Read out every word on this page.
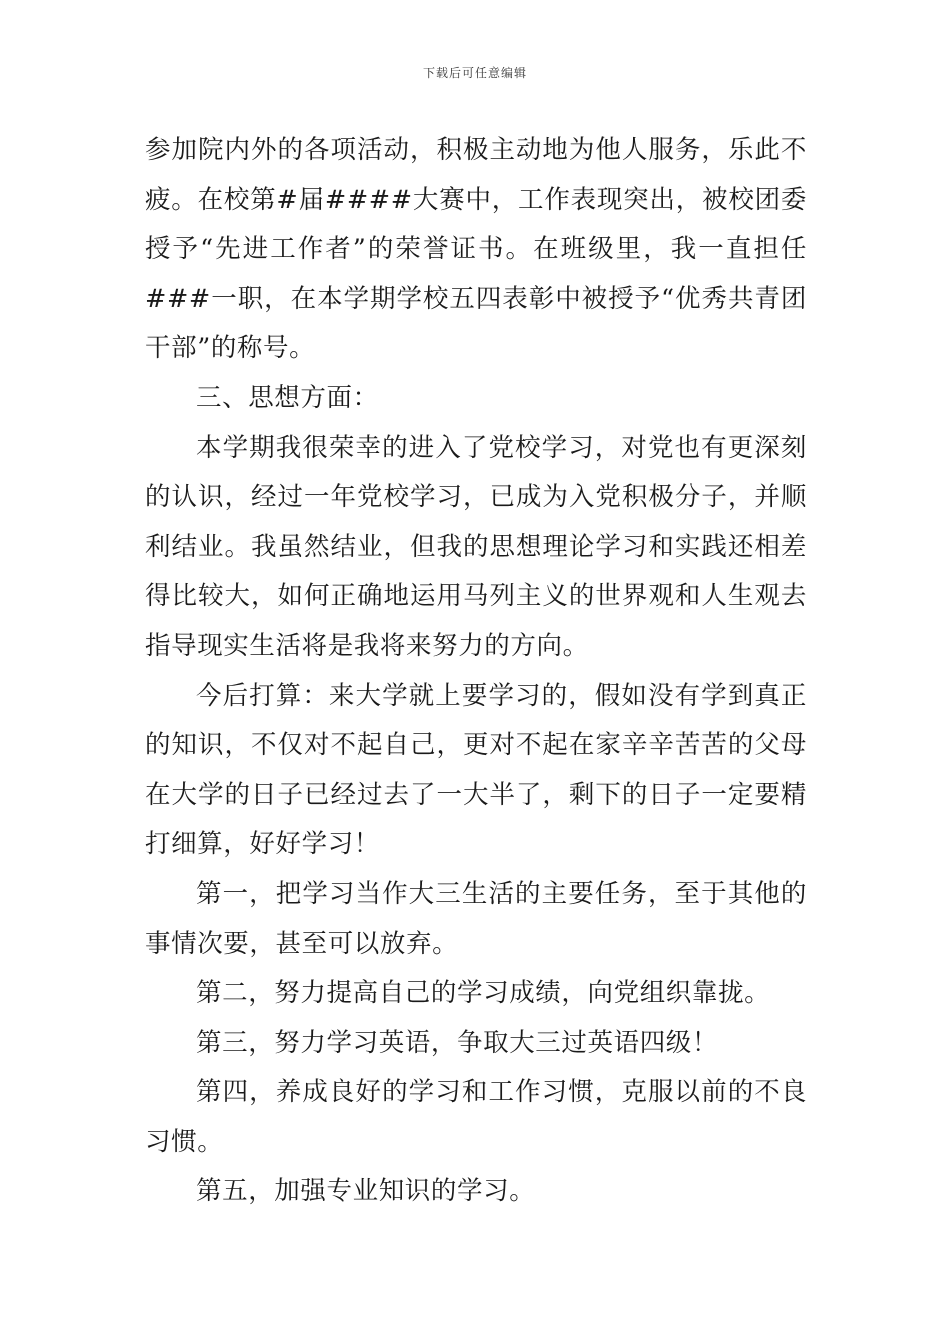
下载后可任意编辑

参加院内外的各项活动，积极主动地为他人服务，乐此不疲。在校第#届####大赛中，工作表现突出，被校团委授予“先进工作者”的荣誉证书。在班级里，我一直担任###一职，在本学期学校五四表彰中被授予“优秀共青团干部”的称号。

三、思想方面：

本学期我很荣幸的进入了党校学习，对党也有更深刻的认识，经过一年党校学习，已成为入党积极分子，并顺利结业。我虽然结业，但我的思想理论学习和实践还相差得比较大，如何正确地运用马列主义的世界观和人生观去指导现实生活将是我将来努力的方向。

今后打算：来大学就上要学习的，假如没有学到真正的知识，不仅对不起自己，更对不起在家辛辛苦苦的父母在大学的日子已经过去了一大半了，剩下的日子一定要精打细算，好好学习！

第一，把学习当作大三生活的主要任务，至于其他的事情次要，甚至可以放弃。

第二，努力提高自己的学习成绩，向党组织靠拢。

第三，努力学习英语，争取大三过英语四级！

第四，养成良好的学习和工作习惯，克服以前的不良习惯。

第五，加强专业知识的学习。
